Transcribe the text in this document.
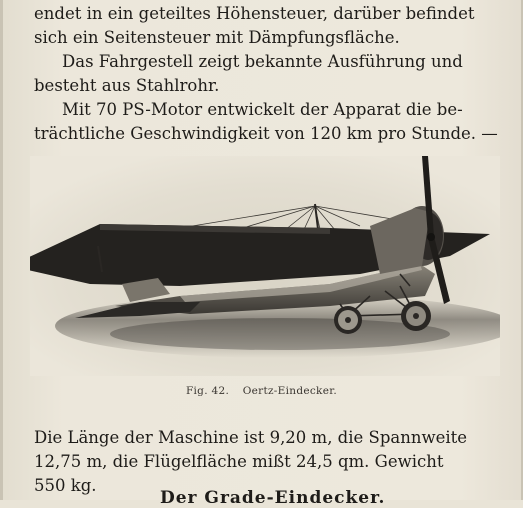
endet in ein geteiltes Höhensteuer, darüber befindet
sich ein Seitensteuer mit Dämpfungsfläche.

Das Fahrgestell zeigt bekannte Ausführung und
besteht aus Stahlrohr.

Mit 70 PS-Motor entwickelt der Apparat die be-
trächtliche Geschwindigkeit von 120 km pro Stunde. —

Fig. 42. Oertz-Eindecker.

Die Länge der Maschine ist 9,20 m, die Spannweite
12,75 m, die Flügelfläche mißt 24,5 qm. Gewicht
550 kg.

Der Grade-Eindecker.
